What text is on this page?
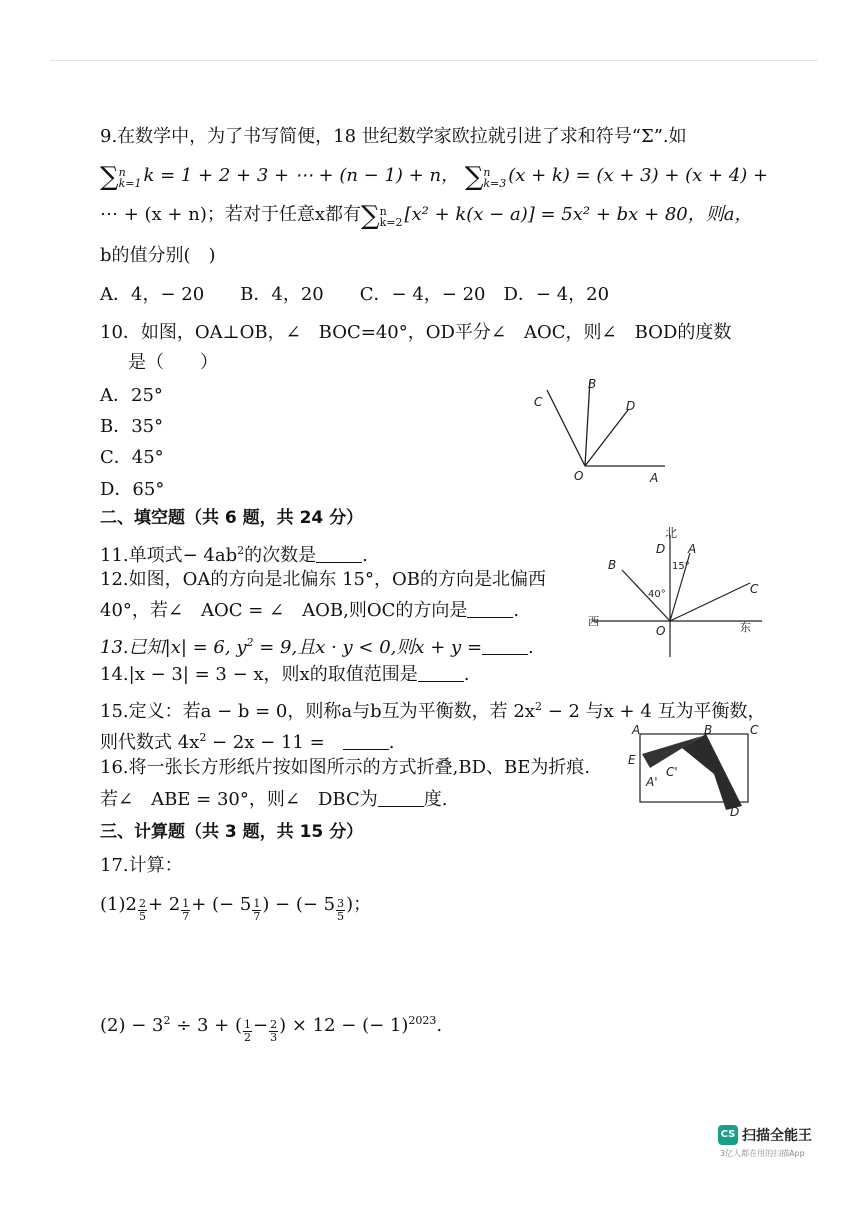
9.在数学中，为了书写简便，18 世纪数学家欧拉就引进了求和符号“Σ”.如
∑ n
k=1 k = 1 + 2 + 3 + ⋯ + (n − 1) + n， ∑ n
k=3 (x + k) = (x + 3) + (x + 4) +
⋯ + (x + n)；若对于任意x都有∑ n
k=2 [x² + k(x − a)] = 5x² + bx + 80，则a，
b的值分别(　)
A．4，− 20　　B．4，20　　C．− 4，− 20　D．− 4，20
10．如图，OA⊥OB，∠　BOC=40°，OD平分∠　AOC，则∠　BOD的度数
是（　　）
A．25°
B．35°
C．45°
D．65°
B
C	D
O	A
二、填空题（共 6 题，共 24 分）
11.单项式− $4ab^2$的次数是	.
12.如图，OA的方向是北偏东 15°，OB的方向是北偏西
40°，若∠　AOC = ∠　AOB,则OC的方向是	.
北
D A
15°
40°
B
C
O
西	东
13.已知|x| = 6, $y^2 = 9$,且x · y < 0,则x + y =	.
14.|x − 3| = 3 − x，则x的取值范围是	.
15.定义：若a − b = 0，则称a与b互为平衡数，若 $2x^2 - 2$ 与x + 4 互为平衡数，
则代数式 $4x^2 - 2x - 11$ =　	.
16.将一张长方形纸片按如图所示的方式折叠,BD、BE为折痕.
若∠　ABE = 30°，则∠　DBC为	度.
A	B	C
E
A'
C'
D
三、计算题（共 3 题，共 15 分）
17.计算：
$(1)2 \frac{2}{5} + 2 \frac{1}{7}$ + (− $5 \frac{1}{7}$ ) − (− $5 \frac{3}{5}$ )；
$(2) - 3^2 \div 3$ + ( $\frac{1}{2} - \frac{2}{3}$ ) × 12 − (− 1)$^{2023}$.
CS 扫描全能王
3亿人都在用的扫描App
